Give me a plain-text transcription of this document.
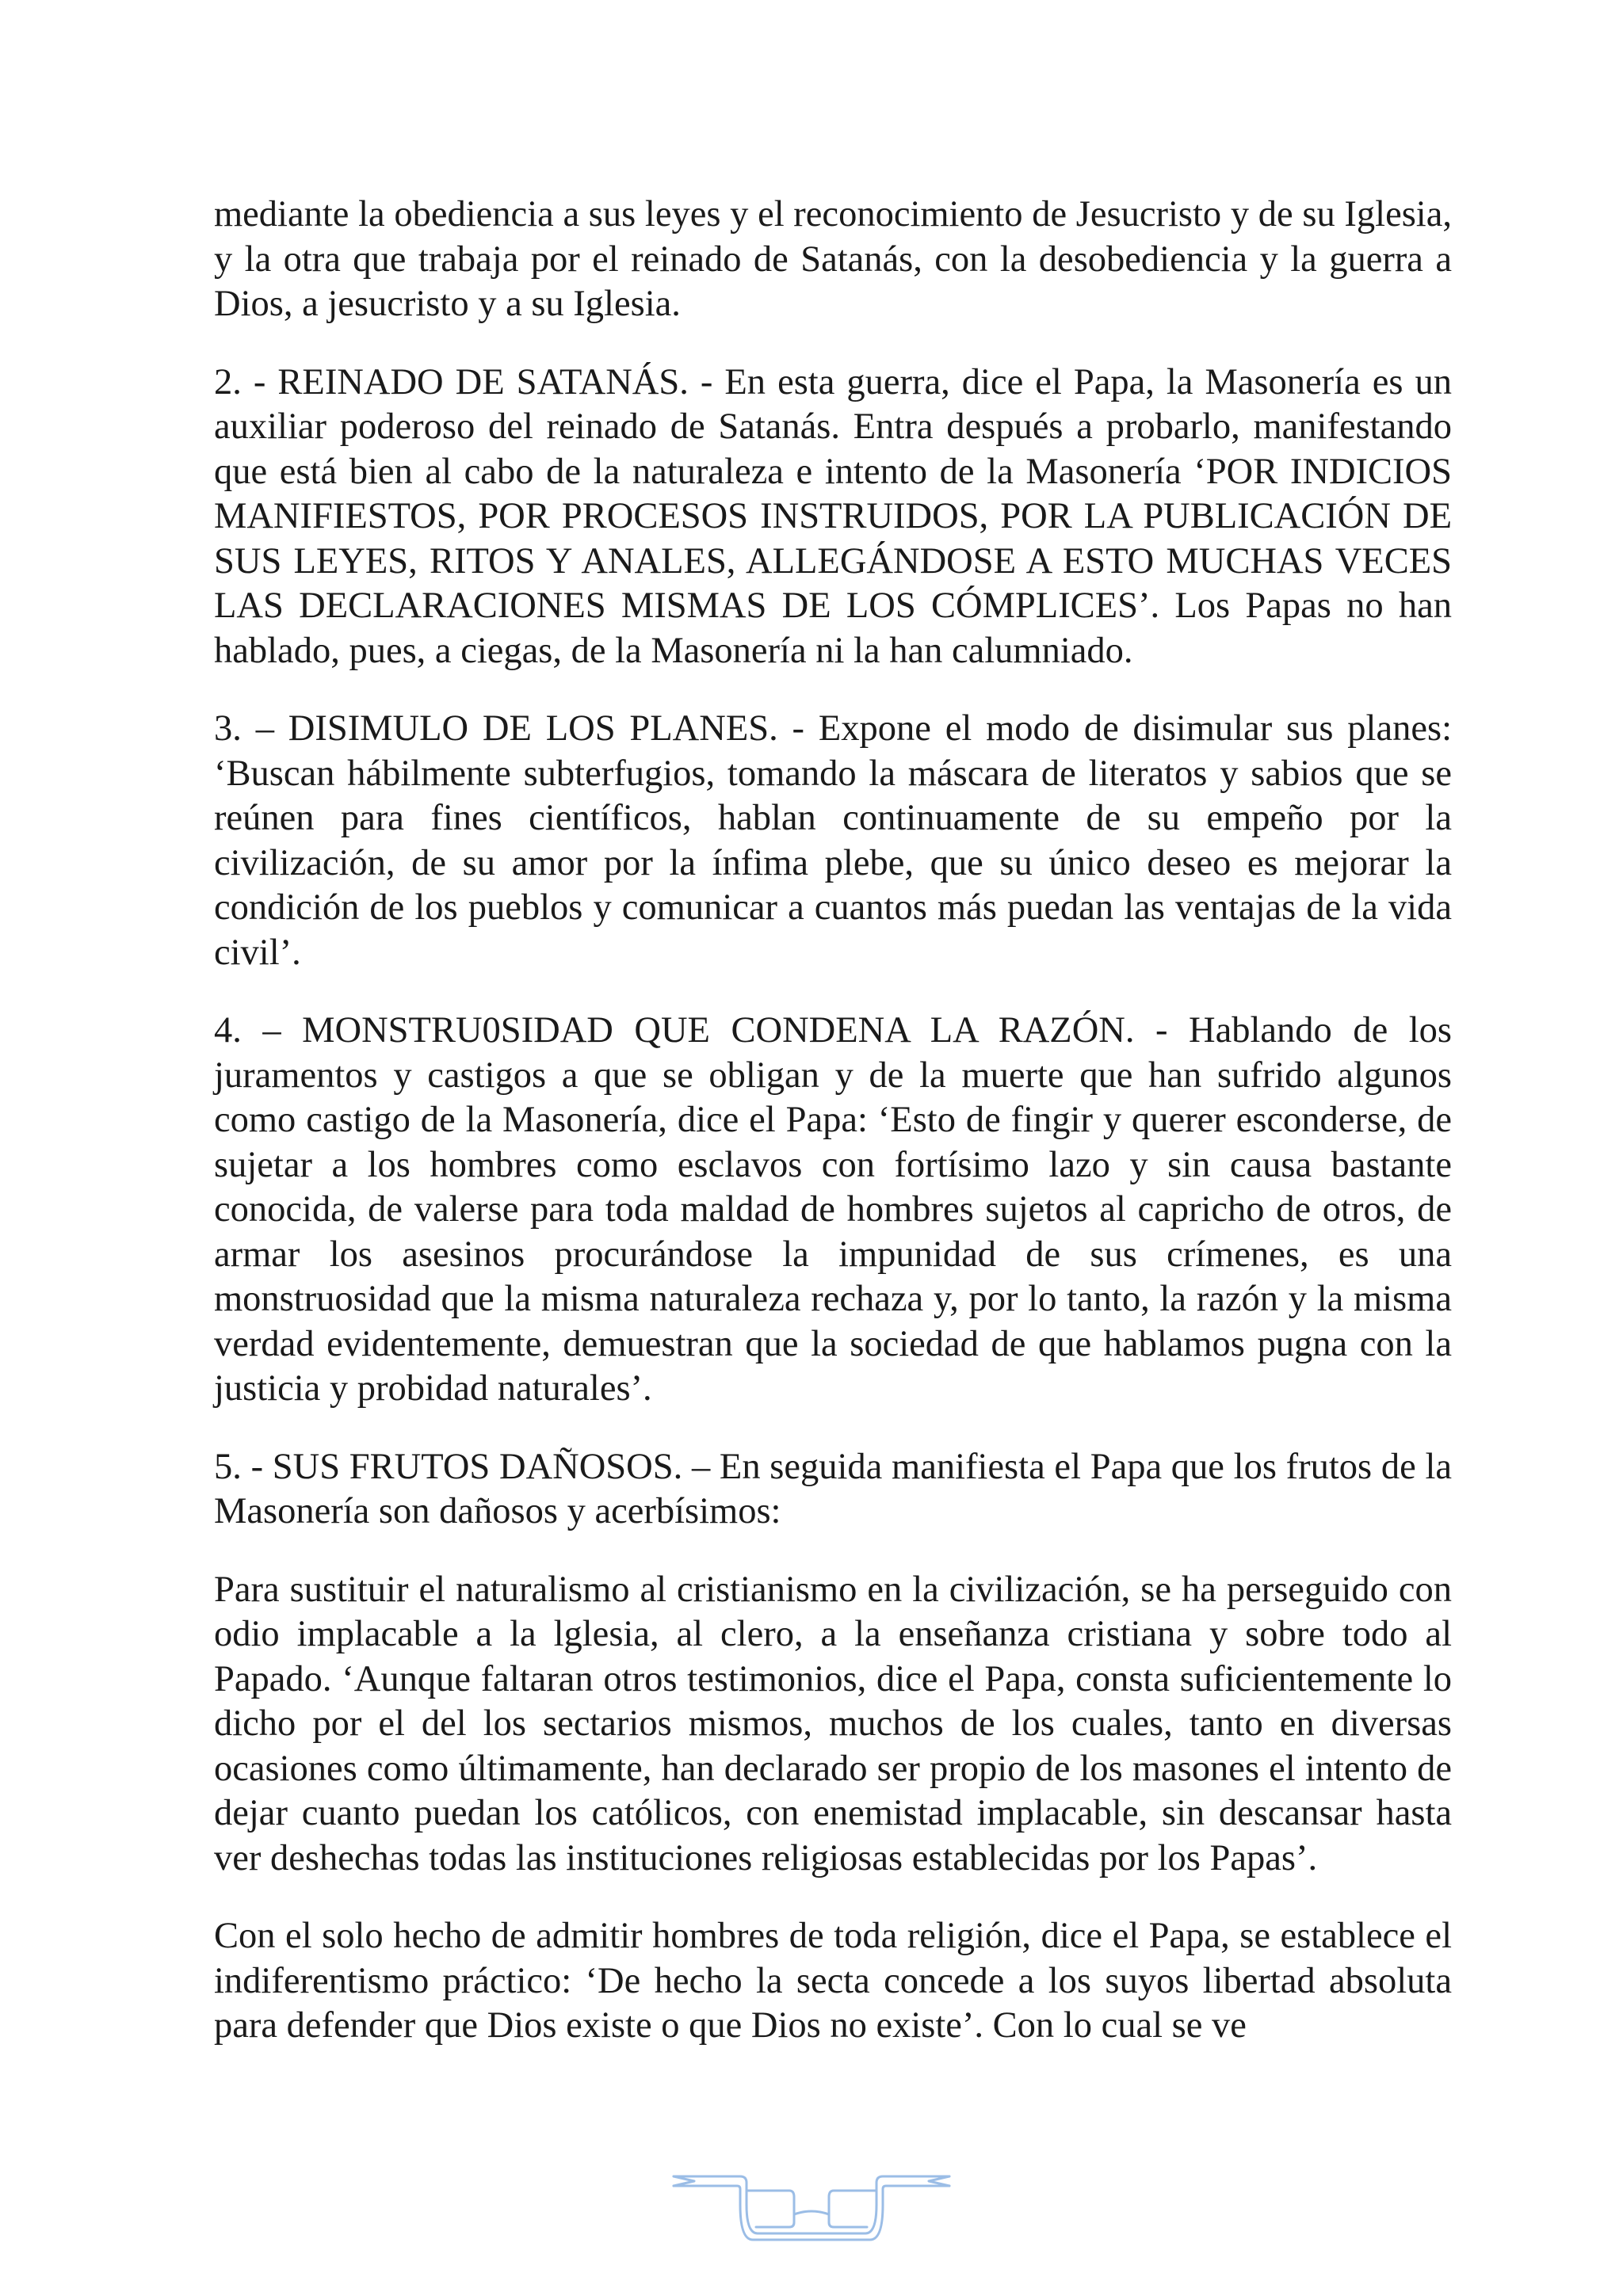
mediante la obediencia a sus leyes y el reconocimiento de Jesucristo y de su Iglesia, y la otra que trabaja por el reinado de Satanás, con la desobediencia y la guerra a Dios, a jesucristo y a su Iglesia.

2. - REINADO DE SATANÁS. - En esta guerra, dice el Papa, la Masonería es un auxiliar poderoso del reinado de Satanás. Entra después a probarlo, manifestando que está bien al cabo de la naturaleza e intento de la Masonería ‘POR INDICIOS MANIFIESTOS, POR PROCESOS INSTRUIDOS, POR LA PUBLICACIÓN DE SUS LEYES, RITOS Y ANALES, ALLEGÁNDOSE A ESTO MUCHAS VECES LAS DECLARACIONES MISMAS DE LOS CÓMPLICES’. Los Papas no han hablado, pues, a ciegas, de la Masonería ni la han calumniado.

3. – DISIMULO DE LOS PLANES. - Expone el modo de disimular sus planes: ‘Buscan hábilmente subterfugios, tomando la máscara de literatos y sabios que se reúnen para fines científicos, hablan continuamente de su empeño por la civilización, de su amor por la ínfima plebe, que su único deseo es mejorar la condición de los pueblos y comunicar a cuantos más puedan las ventajas de la vida civil’.

4. – MONSTRU0SIDAD QUE CONDENA LA RAZÓN. - Hablando de los juramentos y castigos a que se obligan y de la muerte que han sufrido algunos como castigo de la Masonería, dice el Papa: ‘Esto de fingir y querer esconderse, de sujetar a los hombres como esclavos con fortísimo lazo y sin causa bastante conocida, de valerse para toda maldad de hombres sujetos al capricho de otros, de armar los asesinos procurándose la impunidad de sus crímenes, es una monstruosidad que la misma naturaleza rechaza y, por lo tanto, la razón y la misma verdad evidentemente, demuestran que la sociedad de que hablamos pugna con la justicia y probidad naturales’.

5. - SUS FRUTOS DAÑOSOS. – En seguida manifiesta el Papa que los frutos de la Masonería son dañosos y acerbísimos:

Para sustituir el naturalismo al cristianismo en la civilización, se ha perseguido con odio implacable a la lglesia, al clero, a la enseñanza cristiana y sobre todo al Papado. ‘Aunque faltaran otros testimonios, dice el Papa, consta suficientemente lo dicho por el del los sectarios mismos, muchos de los cuales, tanto en diversas ocasiones como últimamente, han declarado ser propio de los masones el intento de dejar cuanto puedan los católicos, con enemistad implacable, sin descansar hasta ver deshechas todas las instituciones religiosas establecidas por los Papas’.

Con el solo hecho de admitir hombres de toda religión, dice el Papa, se establece el indiferentismo práctico: ‘De hecho la secta concede a los suyos libertad absoluta para defender que Dios existe o que Dios no existe’. Con lo cual se ve
